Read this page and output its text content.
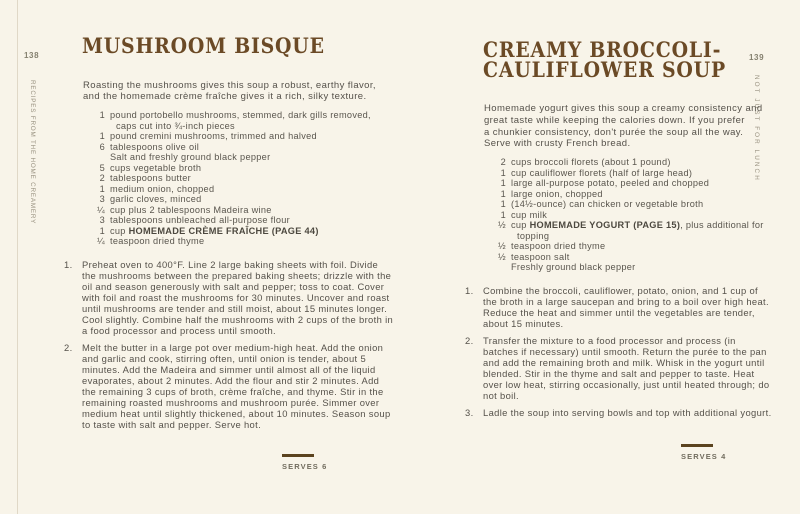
138
RECIPES FROM THE HOME CREAMERY
139
NOT JUST FOR LUNCH
MUSHROOM BISQUE

Roasting the mushrooms gives this soup a robust, earthy flavor,
and the homemade crème fraîche gives it a rich, silky texture.

1 pound portobello mushrooms, stemmed, dark gills removed, caps cut into ¾-inch pieces
1 pound cremini mushrooms, trimmed and halved
6 tablespoons olive oil
Salt and freshly ground black pepper
5 cups vegetable broth
2 tablespoons butter
1 medium onion, chopped
3 garlic cloves, minced
¼ cup plus 2 tablespoons Madeira wine
3 tablespoons unbleached all-purpose flour
1 cup HOMEMADE CRÈME FRAÎCHE (PAGE 44)
¼ teaspoon dried thyme
1.	Preheat oven to 400°F. Line 2 large baking sheets with foil. Divide the mushrooms between the prepared baking sheets; drizzle with the oil and season generously with salt and pepper; toss to coat. Cover with foil and roast the mushrooms for 30 minutes. Uncover and roast until mushrooms are tender and still moist, about 15 minutes longer. Cool slightly. Combine half the mushrooms with 2 cups of the broth in a food processor and process until smooth.
2.	Melt the butter in a large pot over medium-high heat. Add the onion and garlic and cook, stirring often, until onion is tender, about 5 minutes. Add the Madeira and simmer until almost all of the liquid evaporates, about 2 minutes. Add the flour and stir 2 minutes. Add the remaining 3 cups of broth, crème fraîche, and thyme. Stir in the remaining roasted mushrooms and mushroom purée. Simmer over medium heat until slightly thickened, about 10 minutes. Season soup to taste with salt and pepper. Serve hot.
SERVES 6
CREAMY BROCCOLI-
CAULIFLOWER SOUP

Homemade yogurt gives this soup a creamy consistency and
great taste while keeping the calories down. If you prefer
a chunkier consistency, don't purée the soup all the way.
Serve with crusty French bread.

2 cups broccoli florets (about 1 pound)
1 cup cauliflower florets (half of large head)
1 large all-purpose potato, peeled and chopped
1 large onion, chopped
1 (14½-ounce) can chicken or vegetable broth
1 cup milk
½ cup HOMEMADE YOGURT (PAGE 15), plus additional for topping
½ teaspoon dried thyme
½ teaspoon salt
Freshly ground black pepper
1.	Combine the broccoli, cauliflower, potato, onion, and 1 cup of the broth in a large saucepan and bring to a boil over high heat. Reduce the heat and simmer until the vegetables are tender, about 15 minutes.
2.	Transfer the mixture to a food processor and process (in batches if necessary) until smooth. Return the purée to the pan and add the remaining broth and milk. Whisk in the yogurt until blended. Stir in the thyme and salt and pepper to taste. Heat over low heat, stirring occasionally, just until heated through; do not boil.
3.	Ladle the soup into serving bowls and top with additional yogurt.
SERVES 4
